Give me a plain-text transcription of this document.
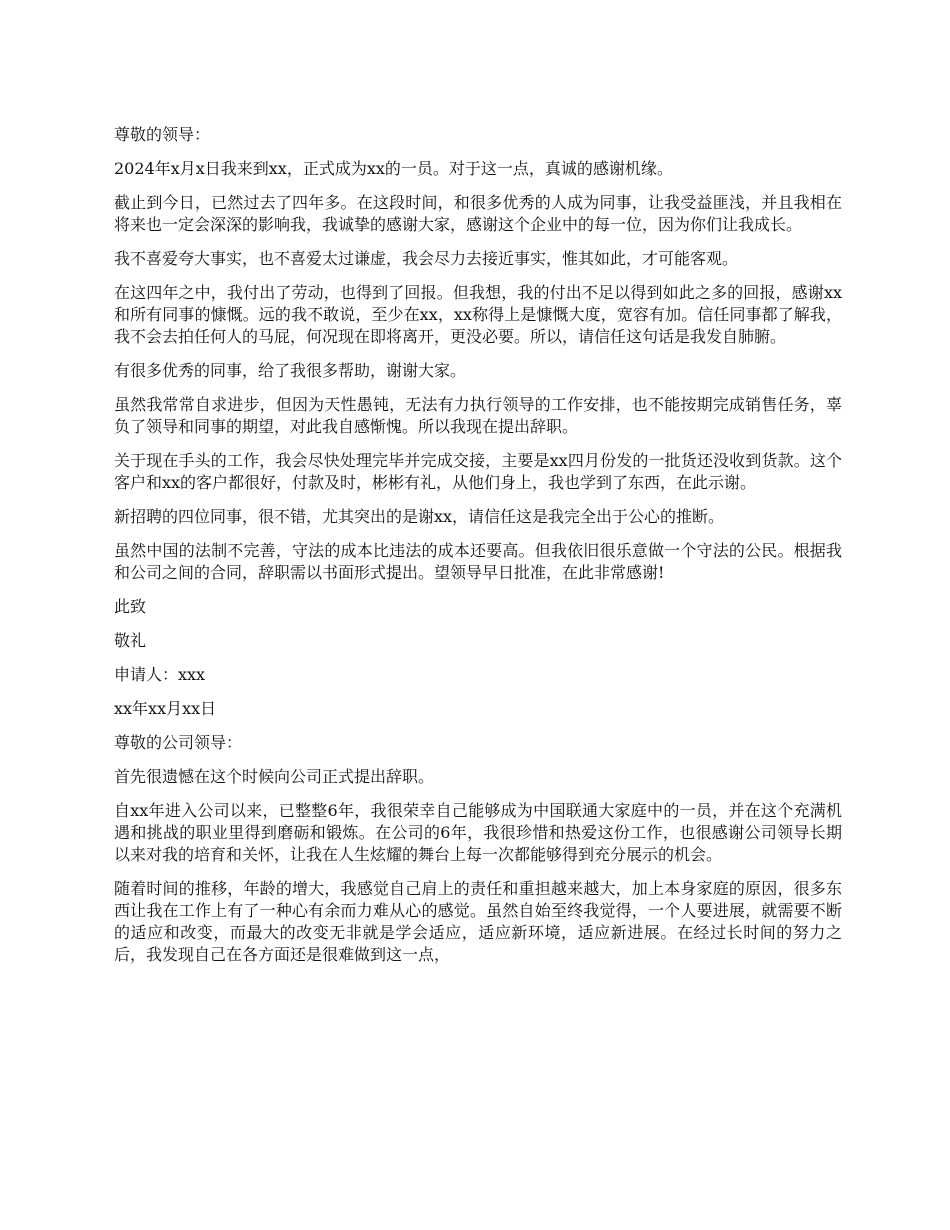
尊敬的领导：

2024年x月x日我来到xx，正式成为xx的一员。对于这一点，真诚的感谢机缘。

截止到今日，已然过去了四年多。在这段时间，和很多优秀的人成为同事，让我受益匪浅，并且我相在将来也一定会深深的影响我，我诚挚的感谢大家，感谢这个企业中的每一位，因为你们让我成长。

我不喜爱夸大事实，也不喜爱太过谦虚，我会尽力去接近事实，惟其如此，才可能客观。

在这四年之中，我付出了劳动，也得到了回报。但我想，我的付出不足以得到如此之多的回报，感谢xx和所有同事的慷慨。远的我不敢说，至少在xx，xx称得上是慷慨大度，宽容有加。信任同事都了解我，我不会去拍任何人的马屁，何况现在即将离开，更没必要。所以，请信任这句话是我发自肺腑。

有很多优秀的同事，给了我很多帮助，谢谢大家。

虽然我常常自求进步，但因为天性愚钝，无法有力执行领导的工作安排，也不能按期完成销售任务，辜负了领导和同事的期望，对此我自感惭愧。所以我现在提出辞职。

关于现在手头的工作，我会尽快处理完毕并完成交接，主要是xx四月份发的一批货还没收到货款。这个客户和xx的客户都很好，付款及时，彬彬有礼，从他们身上，我也学到了东西，在此示谢。

新招聘的四位同事，很不错，尤其突出的是谢xx，请信任这是我完全出于公心的推断。

虽然中国的法制不完善，守法的成本比违法的成本还要高。但我依旧很乐意做一个守法的公民。根据我和公司之间的合同，辞职需以书面形式提出。望领导早日批准，在此非常感谢!

此致

敬礼

申请人：xxx

xx年xx月xx日

尊敬的公司领导：

首先很遗憾在这个时候向公司正式提出辞职。

自xx年进入公司以来，已整整6年，我很荣幸自己能够成为中国联通大家庭中的一员，并在这个充满机遇和挑战的职业里得到磨砺和锻炼。在公司的6年，我很珍惜和热爱这份工作，也很感谢公司领导长期以来对我的培育和关怀，让我在人生炫耀的舞台上每一次都能够得到充分展示的机会。

随着时间的推移，年龄的增大，我感觉自己肩上的责任和重担越来越大，加上本身家庭的原因，很多东西让我在工作上有了一种心有余而力难从心的感觉。虽然自始至终我觉得，一个人要进展，就需要不断的适应和改变，而最大的改变无非就是学会适应，适应新环境，适应新进展。在经过长时间的努力之后，我发现自己在各方面还是很难做到这一点，
